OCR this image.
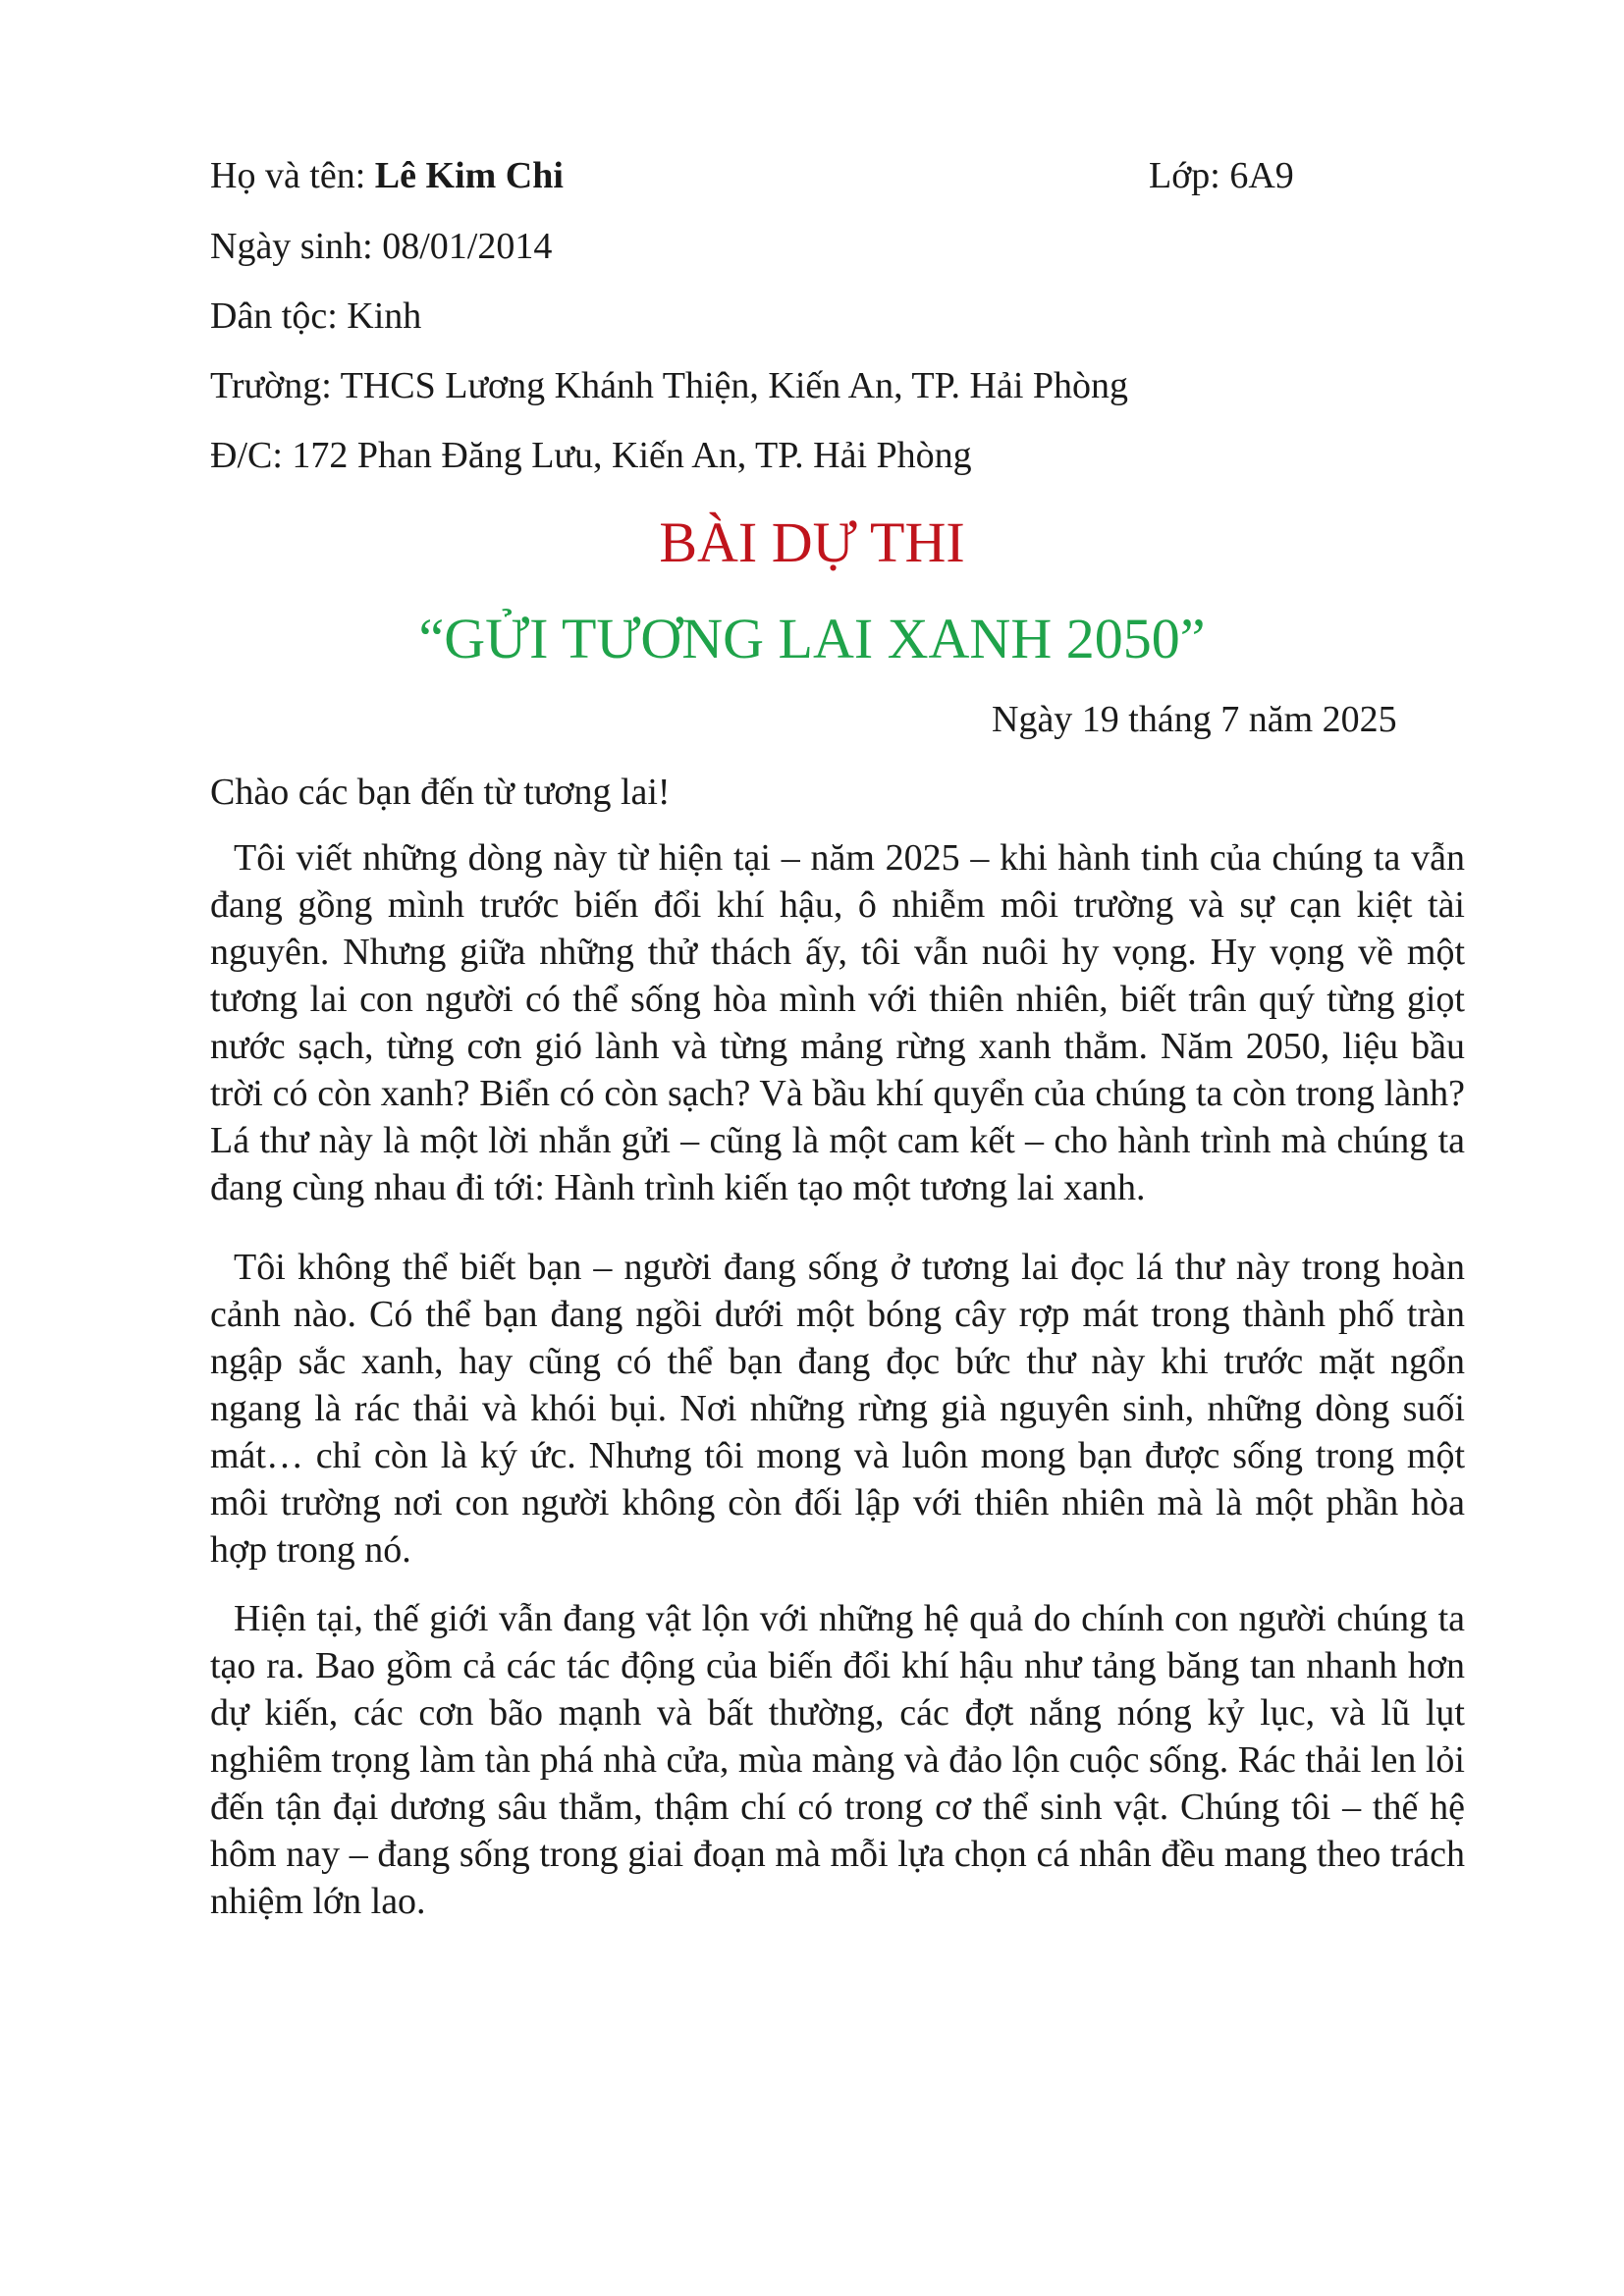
Họ và tên: Lê Kim Chi	Lớp: 6A9
Ngày sinh: 08/01/2014
Dân tộc: Kinh
Trường: THCS Lương Khánh Thiện, Kiến An, TP. Hải Phòng
Đ/C: 172 Phan Đăng Lưu, Kiến An, TP. Hải Phòng
BÀI DỰ THI
“GỬI TƯƠNG LAI XANH 2050”
Ngày 19 tháng 7 năm 2025
Chào các bạn đến từ tương lai!

Tôi viết những dòng này từ hiện tại – năm 2025 – khi hành tinh của chúng ta vẫn đang gồng mình trước biến đổi khí hậu, ô nhiễm môi trường và sự cạn kiệt tài nguyên. Nhưng giữa những thử thách ấy, tôi vẫn nuôi hy vọng. Hy vọng về một tương lai con người có thể sống hòa mình với thiên nhiên, biết trân quý từng giọt nước sạch, từng cơn gió lành và từng mảng rừng xanh thẳm. Năm 2050, liệu bầu trời có còn xanh? Biển có còn sạch? Và bầu khí quyển của chúng ta còn trong lành? Lá thư này là một lời nhắn gửi – cũng là một cam kết – cho hành trình mà chúng ta đang cùng nhau đi tới: Hành trình kiến tạo một tương lai xanh.

Tôi không thể biết bạn – người đang sống ở tương lai đọc lá thư này trong hoàn cảnh nào. Có thể bạn đang ngồi dưới một bóng cây rợp mát trong thành phố tràn ngập sắc xanh, hay cũng có thể bạn đang đọc bức thư này khi trước mặt ngổn ngang là rác thải và khói bụi. Nơi những rừng già nguyên sinh, những dòng suối mát… chỉ còn là ký ức. Nhưng tôi mong và luôn mong bạn được sống trong một môi trường nơi con người không còn đối lập với thiên nhiên mà là một phần hòa hợp trong nó.

Hiện tại, thế giới vẫn đang vật lộn với những hệ quả do chính con người chúng ta tạo ra. Bao gồm cả các tác động của biến đổi khí hậu như tảng băng tan nhanh hơn dự kiến, các cơn bão mạnh và bất thường, các đợt nắng nóng kỷ lục, và lũ lụt nghiêm trọng làm tàn phá nhà cửa, mùa màng và đảo lộn cuộc sống. Rác thải len lỏi đến tận đại dương sâu thẳm, thậm chí có trong cơ thể sinh vật. Chúng tôi – thế hệ hôm nay – đang sống trong giai đoạn mà mỗi lựa chọn cá nhân đều mang theo trách nhiệm lớn lao.
